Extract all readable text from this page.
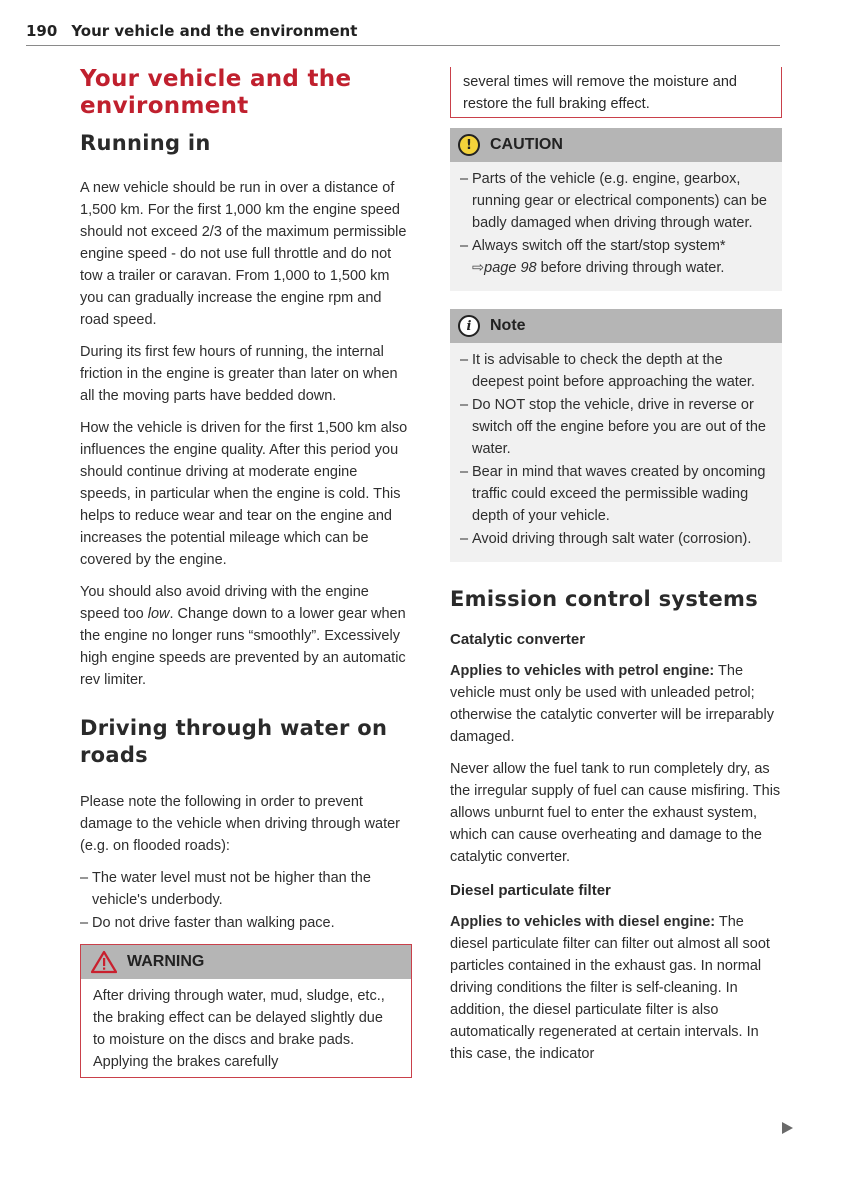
190 Your vehicle and the environment
Your vehicle and the environment
Running in

A new vehicle should be run in over a distance of 1,500 km. For the first 1,000 km the engine speed should not exceed 2/3 of the maximum permissible engine speed - do not use full throttle and do not tow a trailer or caravan. From 1,000 to 1,500 km you can gradually increase the engine rpm and road speed.

During its first few hours of running, the internal friction in the engine is greater than later on when all the moving parts have bedded down.

How the vehicle is driven for the first 1,500 km also influences the engine quality. After this period you should continue driving at moderate engine speeds, in particular when the engine is cold. This helps to reduce wear and tear on the engine and increases the potential mileage which can be covered by the engine.

You should also avoid driving with the engine speed too low. Change down to a lower gear when the engine no longer runs “smoothly”. Excessively high engine speeds are prevented by an automatic rev limiter.

Driving through water on roads

Please note the following in order to prevent damage to the vehicle when driving through water (e.g. on flooded roads):

– The water level must not be higher than the vehicle's underbody.
– Do not drive faster than walking pace.
WARNING
After driving through water, mud, sludge, etc., the braking effect can be delayed slightly due to moisture on the discs and brake pads. Applying the brakes carefully
several times will remove the moisture and restore the full braking effect.
!	CAUTION
– Parts of the vehicle (e.g. engine, gearbox, running gear or electrical components) can be badly damaged when driving through water.
– Always switch off the start/stop system* ⇨page 98 before driving through water.
i	Note
– It is advisable to check the depth at the deepest point before approaching the water.
– Do NOT stop the vehicle, drive in reverse or switch off the engine before you are out of the water.
– Bear in mind that waves created by oncoming traffic could exceed the permissible wading depth of your vehicle.
– Avoid driving through salt water (corrosion).
Emission control systems
Catalytic converter

Applies to vehicles with petrol engine: The vehicle must only be used with unleaded petrol; otherwise the catalytic converter will be irreparably damaged.

Never allow the fuel tank to run completely dry, as the irregular supply of fuel can cause misfiring. This allows unburnt fuel to enter the exhaust system, which can cause overheating and damage to the catalytic converter.

Diesel particulate filter

Applies to vehicles with diesel engine: The diesel particulate filter can filter out almost all soot particles contained in the exhaust gas. In normal driving conditions the filter is self-cleaning. In addition, the diesel particulate filter is also automatically regenerated at certain intervals. In this case, the indicator
